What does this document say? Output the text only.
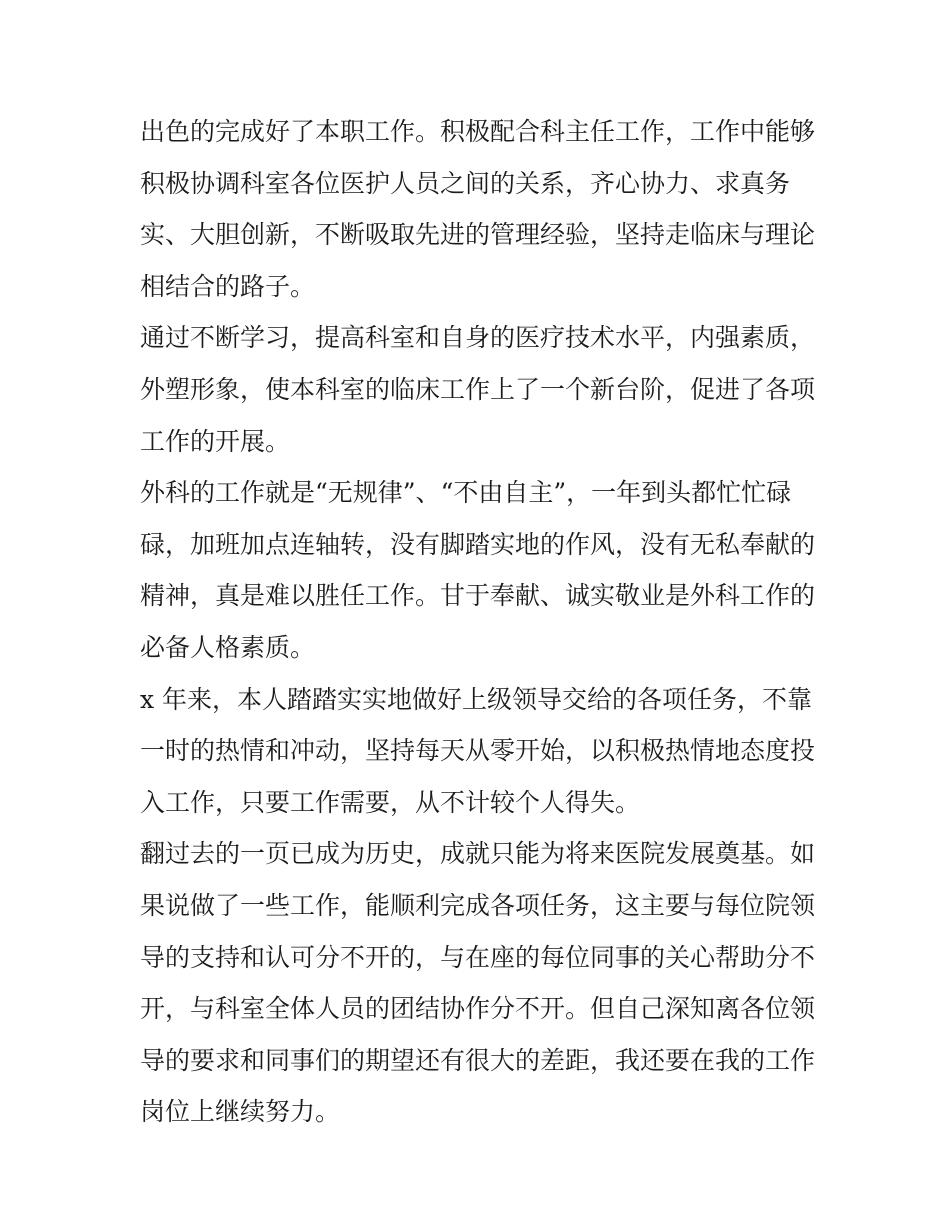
出色的完成好了本职工作。积极配合科主任工作，工作中能够
积极协调科室各位医护人员之间的关系，齐心协力、求真务
实、大胆创新，不断吸取先进的管理经验，坚持走临床与理论
相结合的路子。
通过不断学习，提高科室和自身的医疗技术水平，内强素质，
外塑形象，使本科室的临床工作上了一个新台阶，促进了各项
工作的开展。
外科的工作就是“无规律”、“不由自主”，一年到头都忙忙碌
碌，加班加点连轴转，没有脚踏实地的作风，没有无私奉献的
精神，真是难以胜任工作。甘于奉献、诚实敬业是外科工作的
必备人格素质。
x 年来，本人踏踏实实地做好上级领导交给的各项任务，不靠
一时的热情和冲动，坚持每天从零开始，以积极热情地态度投
入工作，只要工作需要，从不计较个人得失。
翻过去的一页已成为历史，成就只能为将来医院发展奠基。如
果说做了一些工作，能顺利完成各项任务，这主要与每位院领
导的支持和认可分不开的，与在座的每位同事的关心帮助分不
开，与科室全体人员的团结协作分不开。但自己深知离各位领
导的要求和同事们的期望还有很大的差距，我还要在我的工作
岗位上继续努力。
